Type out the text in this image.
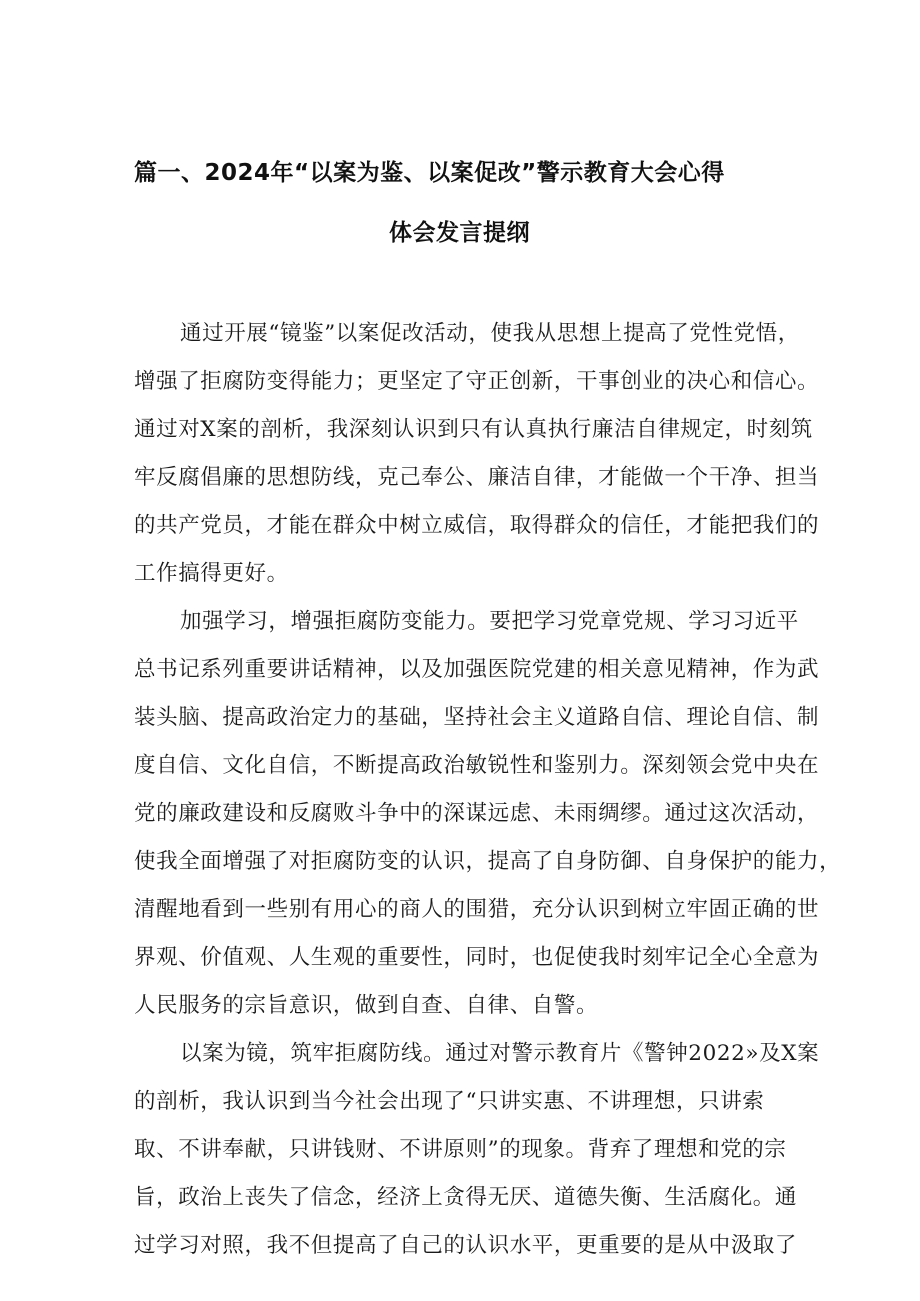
篇一、2024年“以案为鉴、以案促改”警示教育大会心得
体会发言提纲
通过开展“镜鉴”以案促改活动，使我从思想上提高了党性党悟，
增强了拒腐防变得能力；更坚定了守正创新，干事创业的决心和信心。
通过对X案的剖析，我深刻认识到只有认真执行廉洁自律规定，时刻筑
牢反腐倡廉的思想防线，克己奉公、廉洁自律，才能做一个干净、担当
的共产党员，才能在群众中树立威信，取得群众的信任，才能把我们的
工作搞得更好。
加强学习，增强拒腐防变能力。要把学习党章党规、学习习近平
总书记系列重要讲话精神，以及加强医院党建的相关意见精神，作为武
装头脑、提高政治定力的基础，坚持社会主义道路自信、理论自信、制
度自信、文化自信，不断提高政治敏锐性和鉴别力。深刻领会党中央在
党的廉政建设和反腐败斗争中的深谋远虑、未雨绸缪。通过这次活动，
使我全面增强了对拒腐防变的认识，提高了自身防御、自身保护的能力，
清醒地看到一些别有用心的商人的围猎，充分认识到树立牢固正确的世
界观、价值观、人生观的重要性，同时，也促使我时刻牢记全心全意为
人民服务的宗旨意识，做到自查、自律、自警。
以案为镜，筑牢拒腐防线。通过对警示教育片《警钟2022»及X案
的剖析，我认识到当今社会出现了“只讲实惠、不讲理想，只讲索
取、不讲奉献，只讲钱财、不讲原则”的现象。背弃了理想和党的宗
旨，政治上丧失了信念，经济上贪得无厌、道德失衡、生活腐化。通
过学习对照，我不但提高了自己的认识水平，更重要的是从中汲取了
